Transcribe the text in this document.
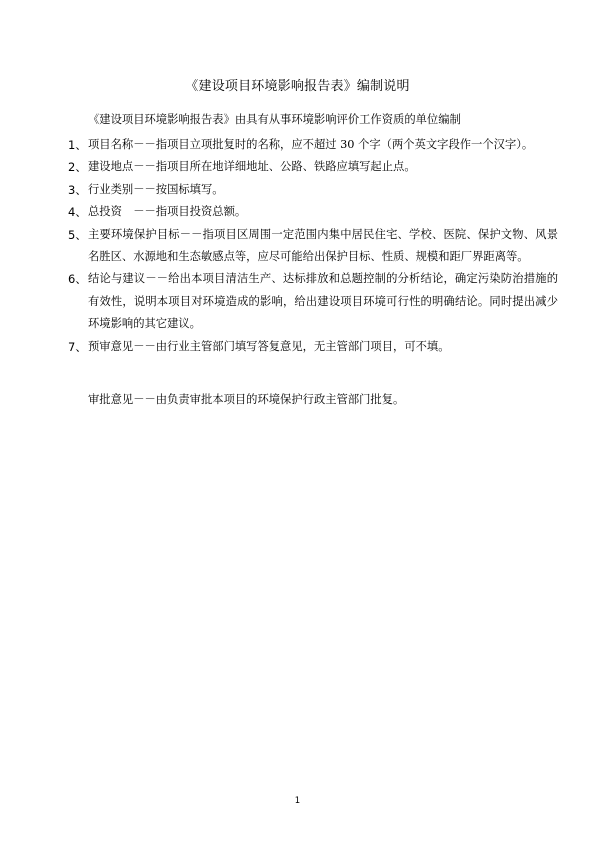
《建设项目环境影响报告表》编制说明
《建设项目环境影响报告表》由具有从事环境影响评价工作资质的单位编制
1、 项目名称－－指项目立项批复时的名称，应不超过 30 个字（两个英文字段作一个汉字）。
2、 建设地点－－指项目所在地详细地址、公路、铁路应填写起止点。
3、 行业类别－－按国标填写。
4、 总投资　－－指项目投资总额。
5、 主要环境保护目标－－指项目区周围一定范围内集中居民住宅、学校、医院、保护文物、风景名胜区、水源地和生态敏感点等，应尽可能给出保护目标、性质、规模和距厂界距离等。
6、 结论与建议－－给出本项目清洁生产、达标排放和总题控制的分析结论，确定污染防治措施的有效性，说明本项目对环境造成的影响，给出建设项目环境可行性的明确结论。同时提出减少环境影响的其它建议。
7、 预审意见－－由行业主管部门填写答复意见，无主管部门项目，可不填。
审批意见－－由负责审批本项目的环境保护行政主管部门批复。
1
